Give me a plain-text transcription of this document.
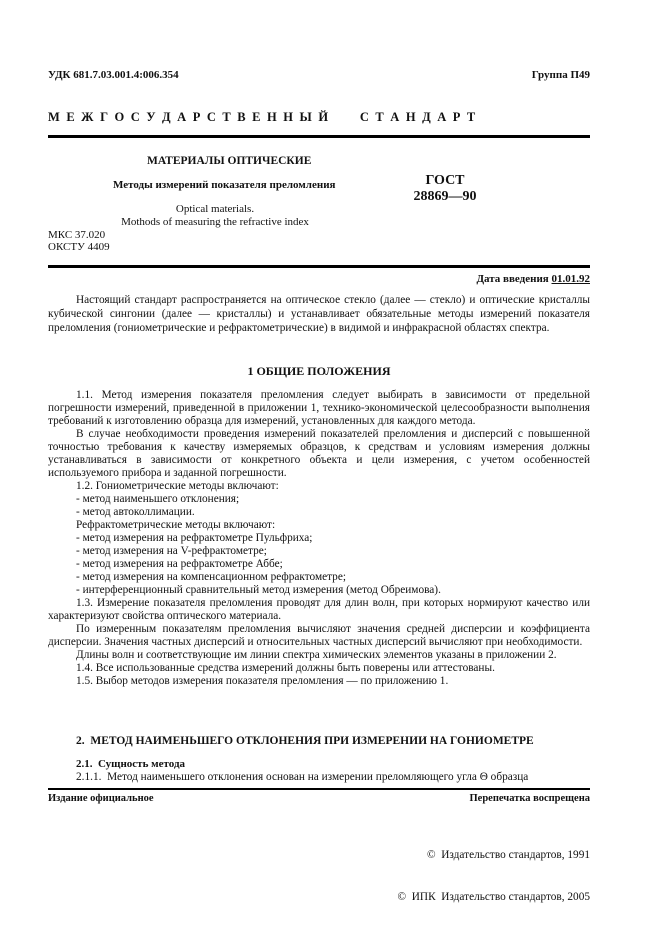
УДК 681.7.03.001.4:006.354	Группа П49
М Е Ж Г О С У Д А Р С Т В Е Н Н Ы Й     С Т А Н Д А Р Т
МАТЕРИАЛЫ ОПТИЧЕСКИЕ
Методы измерений показателя преломления
Optical materials.
Mothods of measuring the refractive index
ГОСТ
28869—90
МКС 37.020
ОКСТУ 4409
Дата введения 01.01.92

Настоящий стандарт распространяется на оптическое стекло (далее — стекло) и оптические кристаллы кубической сингонии (далее — кристаллы) и устанавливает обязательные методы измерений показателя преломления (гониометрические и рефрактометрические) в видимой и инфракрасной областях спектра.

1 ОБЩИЕ ПОЛОЖЕНИЯ

1.1. Метод измерения показателя преломления следует выбирать в зависимости от предельной погрешности измерений, приведенной в приложении 1, технико-экономической целесообразности выполнения требований к изготовлению образца для измерений, установленных для каждого метода.

В случае необходимости проведения измерений показателей преломления и дисперсий с повышенной точностью требования к качеству измеряемых образцов, к средствам и условиям измерения должны устанавливаться в зависимости от конкретного объекта и цели измерения, с учетом особенностей используемого прибора и заданной погрешности.

1.2. Гониометрические методы включают:

- метод наименьшего отклонения;

- метод автоколлимации.

Рефрактометрические методы включают:

- метод измерения на рефрактометре Пульфриха;

- метод измерения на V-рефрактометре;

- метод измерения на рефрактометре Аббе;

- метод измерения на компенсационном рефрактометре;

- интерференционный сравнительный метод измерения (метод Обреимова).

1.3. Измерение показателя преломления проводят для длин волн, при которых нормируют качество или характеризуют свойства оптического материала.

По измеренным показателям преломления вычисляют значения средней дисперсии и коэффициента дисперсии. Значения частных дисперсий и относительных частных дисперсий вычисляют при необходимости.

Длины волн и соответствующие им линии спектра химических элементов указаны в приложении 2.

1.4. Все использованные средства измерений должны быть поверены или аттестованы.

1.5. Выбор методов измерения показателя преломления — по приложению 1.

2.  МЕТОД НАИМЕНЬШЕГО ОТКЛОНЕНИЯ ПРИ ИЗМЕРЕНИИ НА ГОНИОМЕТРЕ
2.1.  Сущность метода
2.1.1.  Метод наименьшего отклонения основан на измерении преломляющего угла Θ образца
Издание официальное	Перепечатка воспрещена

©  Издательство стандартов, 1991

©  ИПК  Издательство стандартов, 2005
